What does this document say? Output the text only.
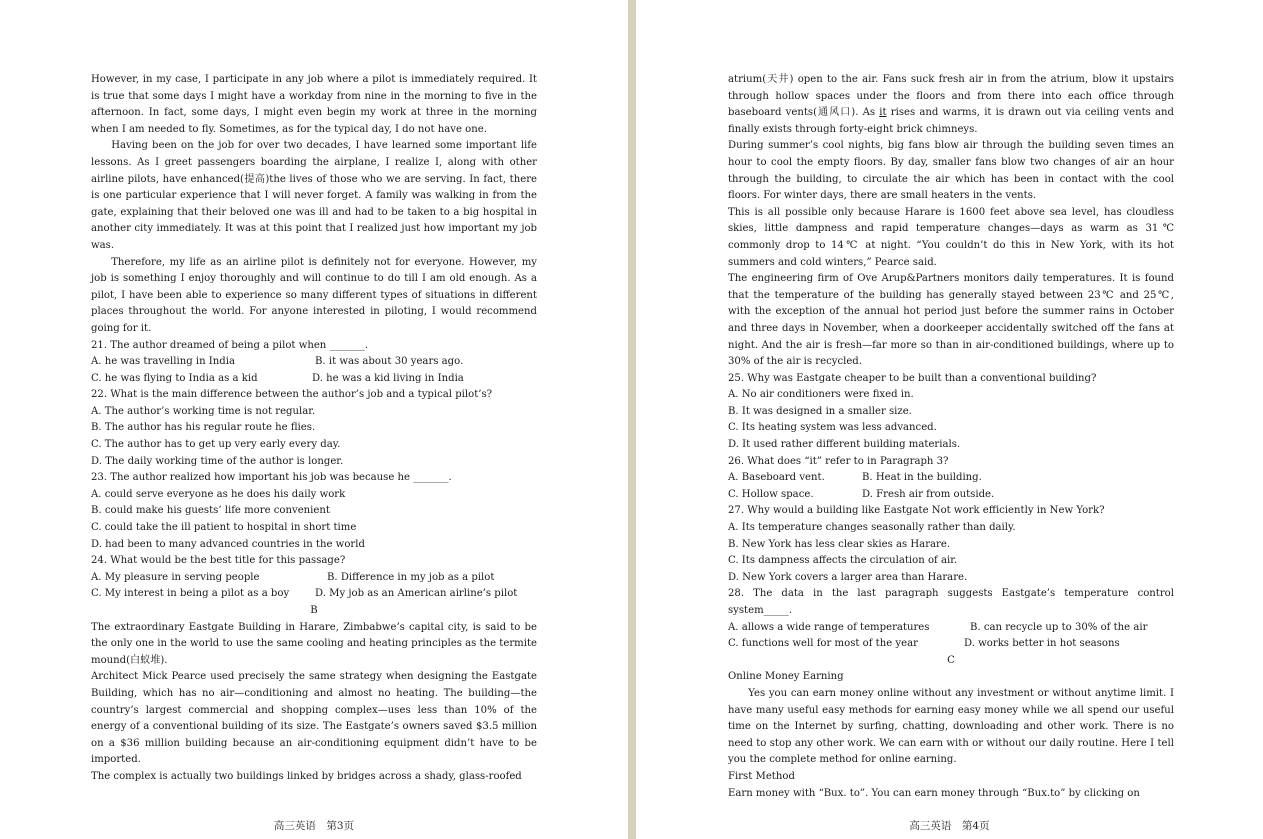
However, in my case, I participate in any job where a pilot is immediately required. It is true that some days I might have a workday from nine in the morning to five in the afternoon. In fact, some days, I might even begin my work at three in the morning when I am needed to fly. Sometimes, as for the typical day, I do not have one.

Having been on the job for over two decades, I have learned some important life lessons. As I greet passengers boarding the airplane, I realize I, along with other airline pilots, have enhanced(提高)the lives of those who we are serving. In fact, there is one particular experience that I will never forget. A family was walking in from the gate, explaining that their beloved one was ill and had to be taken to a big hospital in another city immediately. It was at this point that I realized just how important my job was.

Therefore, my life as an airline pilot is definitely not for everyone. However, my job is something I enjoy thoroughly and will continue to do till I am old enough. As a pilot, I have been able to experience so many different types of situations in different places throughout the world. For anyone interested in piloting, I would recommend going for it.

21. The author dreamed of being a pilot when _______.

A. he was travelling in India	B. it was about 30 years ago.
C. he was flying to India as a kid	D. he was a kid living in India

22. What is the main difference between the author’s job and a typical pilot’s?

A. The author’s working time is not regular.

B. The author has his regular route he flies.

C. The author has to get up very early every day.

D. The daily working time of the author is longer.

23. The author realized how important his job was because he _______.

A. could serve everyone as he does his daily work

B. could make his guests’ life more convenient

C. could take the ill patient to hospital in short time

D. had been to many advanced countries in the world

24. What would be the best title for this passage?

A. My pleasure in serving people	B. Difference in my job as a pilot
C. My interest in being a pilot as a boy	D. My job as an American airline’s pilot

B

The extraordinary Eastgate Building in Harare, Zimbabwe’s capital city, is said to be the only one in the world to use the same cooling and heating principles as the termite mound(白蚁堆).

Architect Mick Pearce used precisely the same strategy when designing the Eastgate Building, which has no air—conditioning and almost no heating. The building—the country’s largest commercial and shopping complex—uses less than 10% of the energy of a conventional building of its size. The Eastgate’s owners saved $3.5 million on a $36 million building because an air-conditioning equipment didn’t have to be imported.

The complex is actually two buildings linked by bridges across a shady, glass-roofed

高三英语　第3页

atrium(天井) open to the air. Fans suck fresh air in from the atrium, blow it upstairs through hollow spaces under the floors and from there into each office through baseboard vents(通风口). As it rises and warms, it is drawn out via ceiling vents and finally exists through forty-eight brick chimneys.

During summer’s cool nights, big fans blow air through the building seven times an hour to cool the empty floors. By day, smaller fans blow two changes of air an hour through the building, to circulate the air which has been in contact with the cool floors. For winter days, there are small heaters in the vents.

This is all possible only because Harare is 1600 feet above sea level, has cloudless skies, little dampness and rapid temperature changes—days as warm as 31℃ commonly drop to 14℃ at night. “You couldn’t do this in New York, with its hot summers and cold winters,” Pearce said.

The engineering firm of Ove Arup&Partners monitors daily temperatures. It is found that the temperature of the building has generally stayed between 23℃ and 25℃, with the exception of the annual hot period just before the summer rains in October and three days in November, when a doorkeeper accidentally switched off the fans at night. And the air is fresh—far more so than in air-conditioned buildings, where up to 30% of the air is recycled.

25. Why was Eastgate cheaper to be built than a conventional building?

A. No air conditioners were fixed in.

B. It was designed in a smaller size.

C. Its heating system was less advanced.

D. It used rather different building materials.

26. What does “it” refer to in Paragraph 3?

A. Baseboard vent.	B. Heat in the building.
C. Hollow space.	D. Fresh air from outside.

27. Why would a building like Eastgate Not work efficiently in New York?

A. Its temperature changes seasonally rather than daily.

B. New York has less clear skies as Harare.

C. Its dampness affects the circulation of air.

D. New York covers a larger area than Harare.

28. The data in the last paragraph suggests Eastgate’s temperature control system_____.

A. allows a wide range of temperatures	B. can recycle up to 30% of the air
C. functions well for most of the year	D. works better in hot seasons

C

Online Money Earning

Yes you can earn money online without any investment or without anytime limit. I have many useful easy methods for earning easy money while we all spend our useful time on the Internet by surfing, chatting, downloading and other work. There is no need to stop any other work. We can earn with or without our daily routine. Here I tell you the complete method for online earning.

First Method

Earn money with “Bux. to”. You can earn money through “Bux.to” by clicking on

高三英语　第4页
